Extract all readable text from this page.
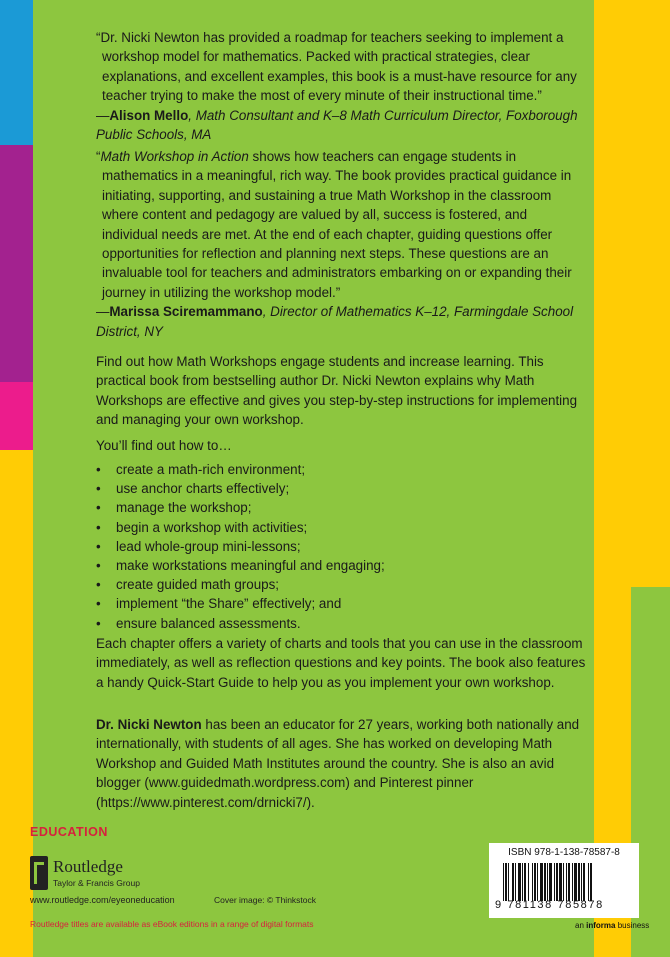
“Dr. Nicki Newton has provided a roadmap for teachers seeking to implement a workshop model for mathematics. Packed with practical strategies, clear explanations, and excellent examples, this book is a must-have resource for any teacher trying to make the most of every minute of their instructional time.”

—Alison Mello, Math Consultant and K–8 Math Curriculum Director, Foxborough Public Schools, MA

“Math Workshop in Action shows how teachers can engage students in mathematics in a meaningful, rich way. The book provides practical guidance in initiating, supporting, and sustaining a true Math Workshop in the classroom where content and pedagogy are valued by all, success is fostered, and individual needs are met. At the end of each chapter, guiding questions offer opportunities for reflection and planning next steps. These questions are an invaluable tool for teachers and administrators embarking on or expanding their journey in utilizing the workshop model.”

—Marissa Sciremammano, Director of Mathematics K–12, Farmingdale School District, NY

Find out how Math Workshops engage students and increase learning. This practical book from bestselling author Dr. Nicki Newton explains why Math Workshops are effective and gives you step-by-step instructions for implementing and managing your own workshop.
You’ll find out how to…
• create a math-rich environment;
• use anchor charts effectively;
• manage the workshop;
• begin a workshop with activities;
• lead whole-group mini-lessons;
• make workstations meaningful and engaging;
• create guided math groups;
• implement “the Share” effectively; and
• ensure balanced assessments.
Each chapter offers a variety of charts and tools that you can use in the classroom immediately, as well as reflection questions and key points. The book also features a handy Quick-Start Guide to help you as you implement your own workshop.
Dr. Nicki Newton has been an educator for 27 years, working both nationally and internationally, with students of all ages. She has worked on developing Math Workshop and Guided Math Institutes around the country. She is also an avid blogger (www.guidedmath.wordpress.com) and Pinterest pinner (https://www.pinterest.com/drnicki7/).
EDUCATION
Routledge
Taylor & Francis Group
www.routledge.com/eyeoneducation	Cover image: © Thinkstock
Routledge titles are available as eBook editions in a range of digital formats
ISBN 978-1-138-78587-8
9 781138 785878
an informa business
